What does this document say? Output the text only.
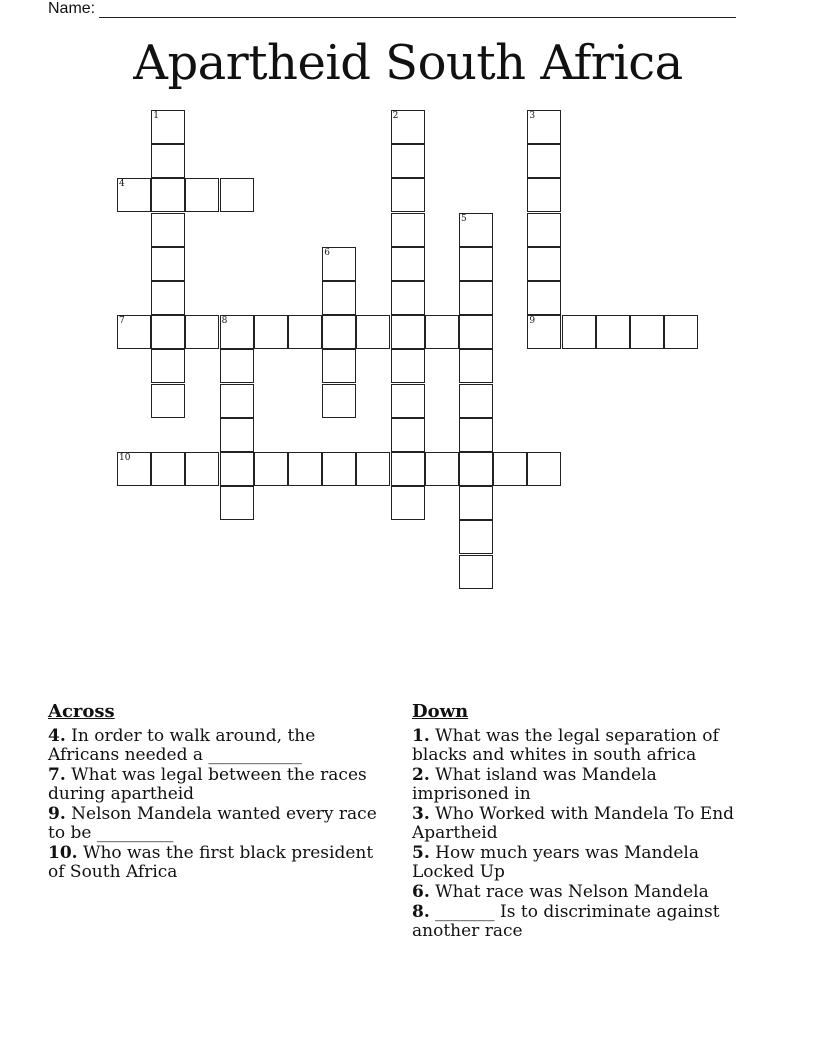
Name:
Apartheid South Africa
1	2	3
9
4
5
6
7	8
10
Across
4. In order to walk around, the Africans needed a ___________
7. What was legal between the races during apartheid
9. Nelson Mandela wanted every race to be _________
10. Who was the first black president of South Africa
Down
1. What was the legal separation of blacks and whites in south africa
2. What island was Mandela imprisoned in
3. Who Worked with Mandela To End Apartheid
5. How much years was Mandela Locked Up
6. What race was Nelson Mandela
8. _______ Is to discriminate against another race
